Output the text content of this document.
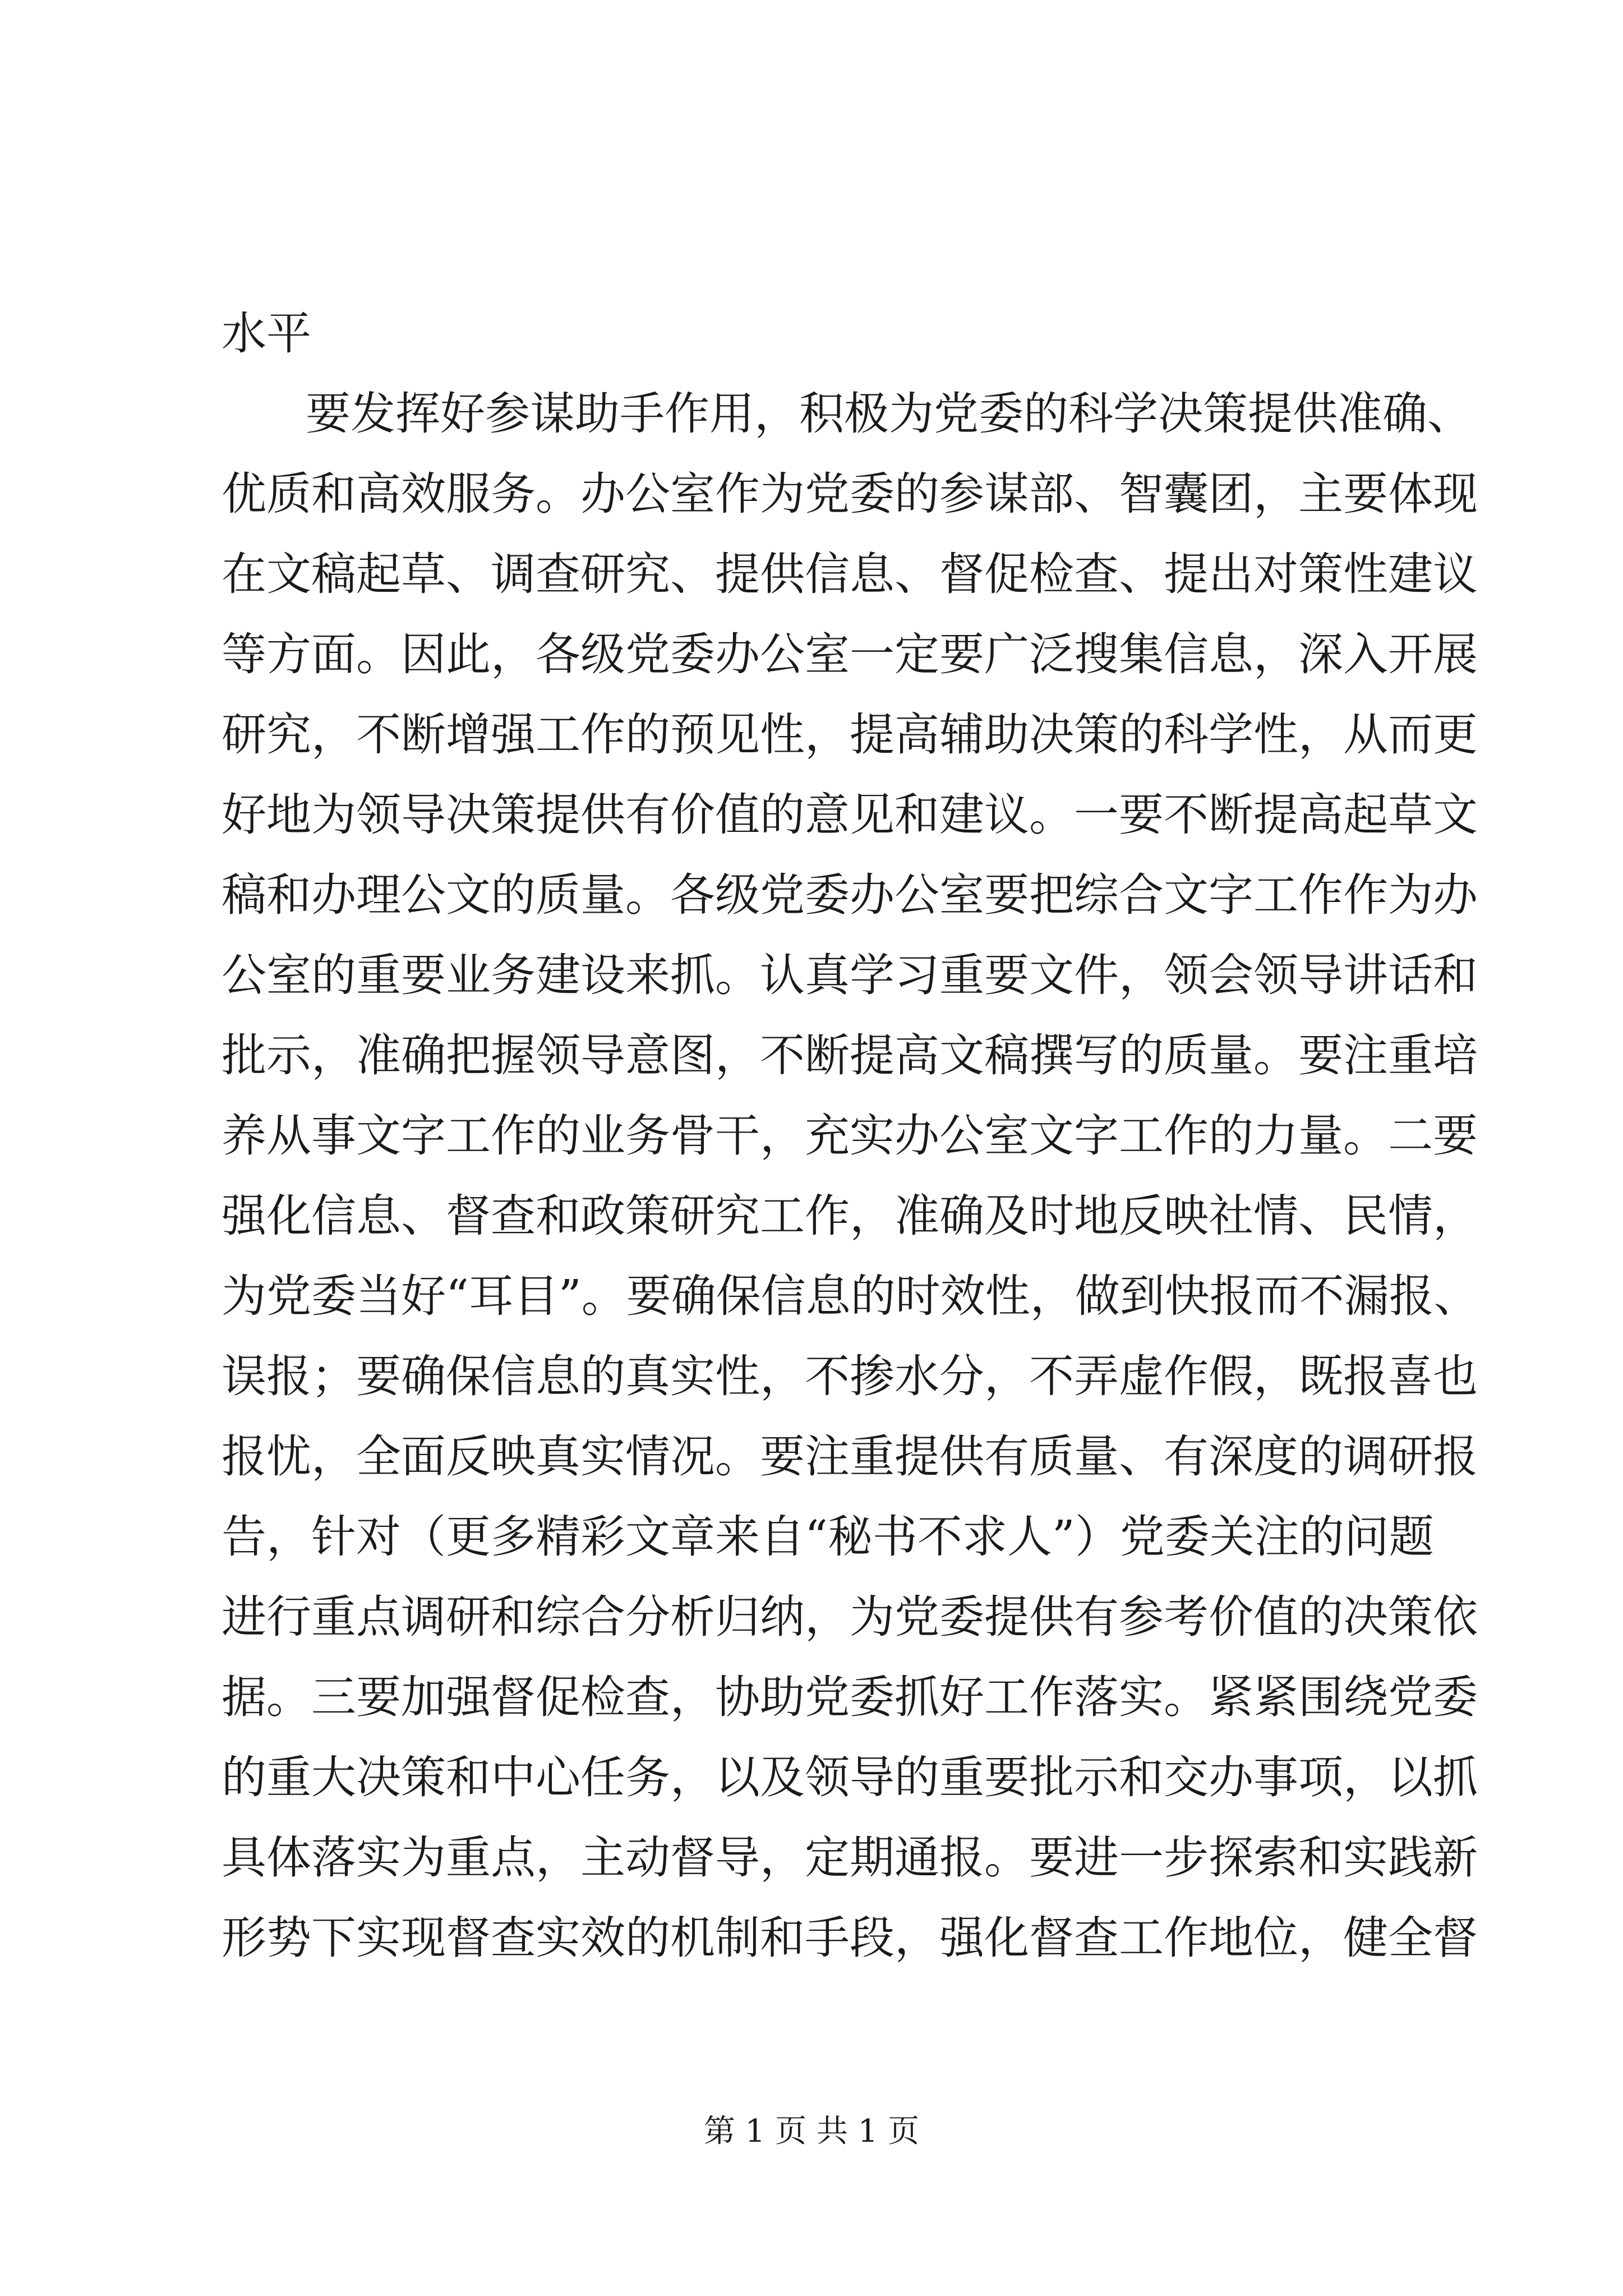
水平
要发挥好参谋助手作用，积极为党委的科学决策提供准确、
优质和高效服务。办公室作为党委的参谋部、智囊团，主要体现
在文稿起草、调查研究、提供信息、督促检查、提出对策性建议
等方面。因此，各级党委办公室一定要广泛搜集信息，深入开展
研究，不断增强工作的预见性，提高辅助决策的科学性，从而更
好地为领导决策提供有价值的意见和建议。一要不断提高起草文
稿和办理公文的质量。各级党委办公室要把综合文字工作作为办
公室的重要业务建设来抓。认真学习重要文件，领会领导讲话和
批示，准确把握领导意图，不断提高文稿撰写的质量。要注重培
养从事文字工作的业务骨干，充实办公室文字工作的力量。二要
强化信息、督查和政策研究工作，准确及时地反映社情、民情，
为党委当好“耳目”。要确保信息的时效性，做到快报而不漏报、
误报；要确保信息的真实性，不掺水分，不弄虚作假，既报喜也
报忧，全面反映真实情况。要注重提供有质量、有深度的调研报
告，针对（更多精彩文章来自“秘书不求人”）党委关注的问题
进行重点调研和综合分析归纳，为党委提供有参考价值的决策依
据。三要加强督促检查，协助党委抓好工作落实。紧紧围绕党委
的重大决策和中心任务，以及领导的重要批示和交办事项，以抓
具体落实为重点，主动督导，定期通报。要进一步探索和实践新
形势下实现督查实效的机制和手段，强化督查工作地位，健全督
第 1 页 共 1 页
